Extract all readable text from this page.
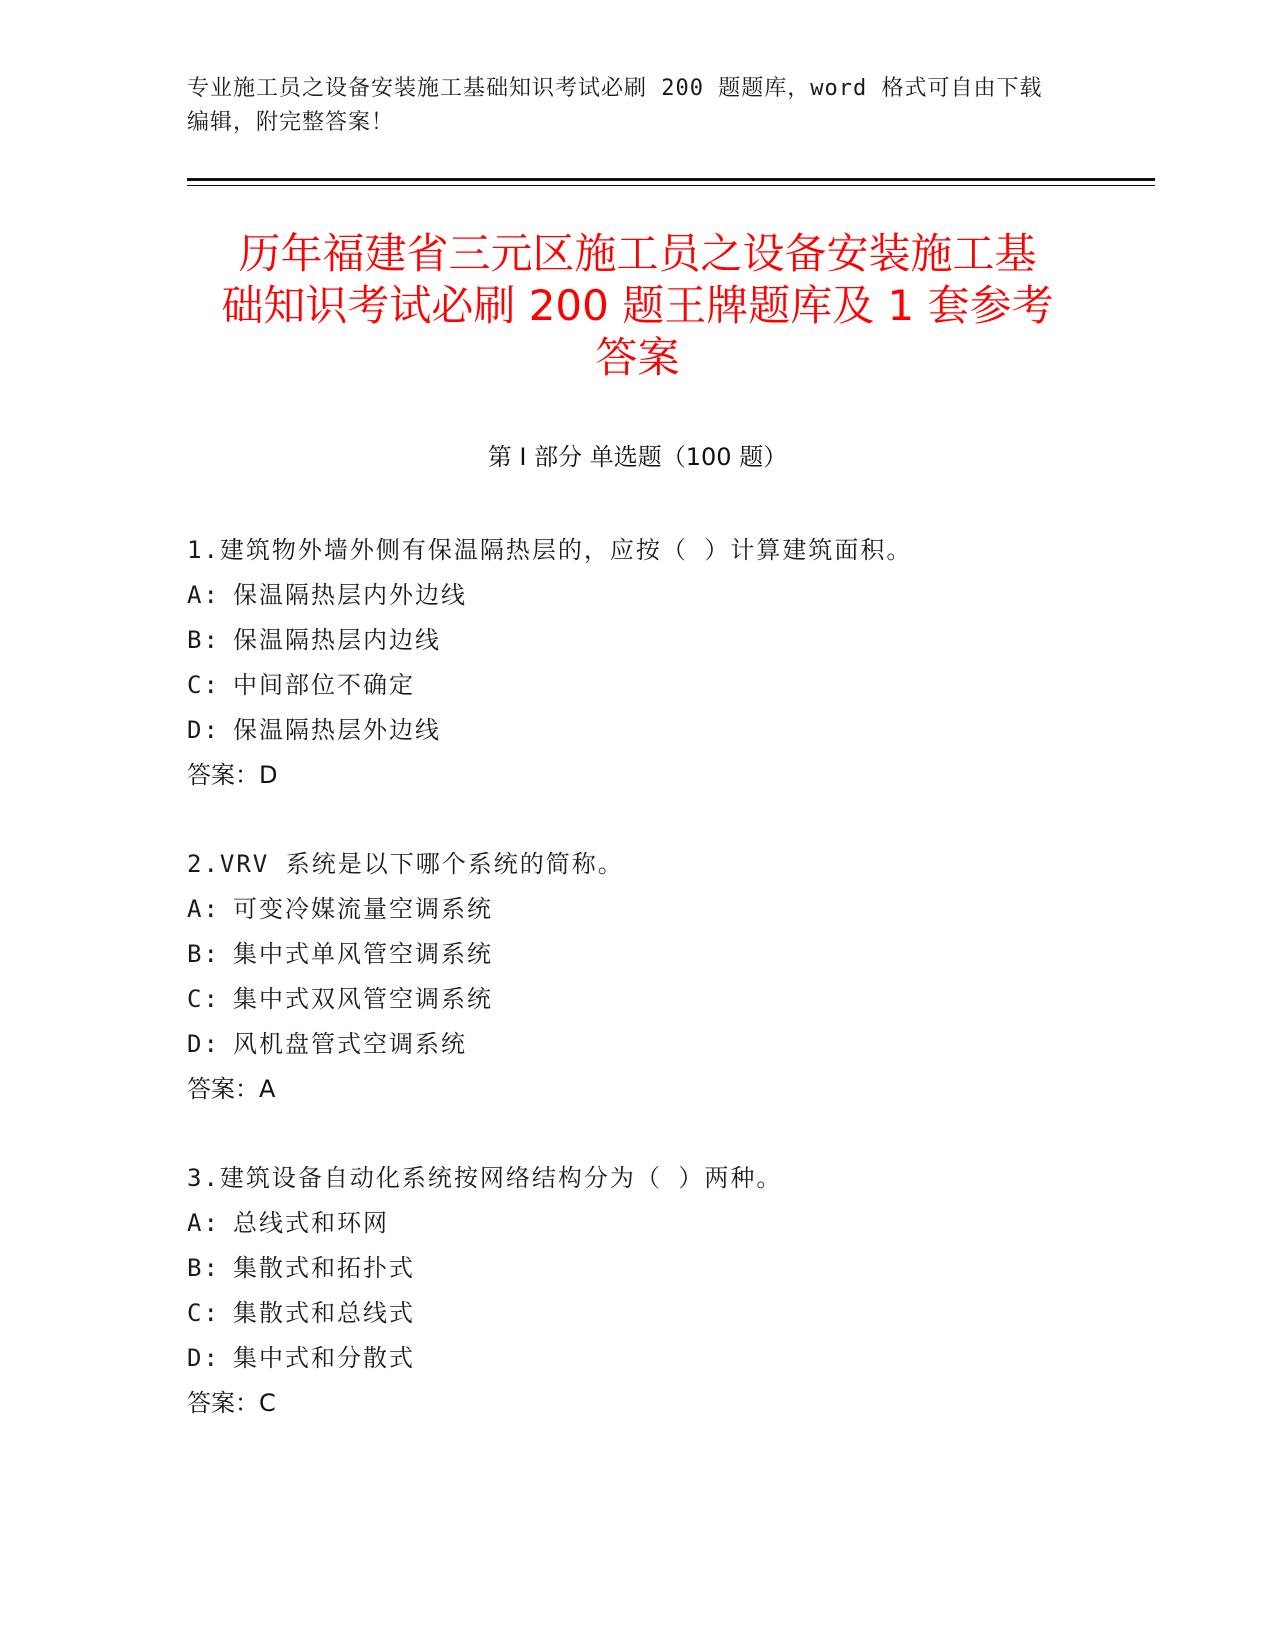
专业施工员之设备安装施工基础知识考试必刷 200 题题库，word 格式可自由下载
编辑，附完整答案！
历年福建省三元区施工员之设备安装施工基
础知识考试必刷 200 题王牌题库及 1 套参考
答案
第 I 部分 单选题（100 题）
1.建筑物外墙外侧有保温隔热层的，应按（ ）计算建筑面积。
A: 保温隔热层内外边线
B: 保温隔热层内边线
C: 中间部位不确定
D: 保温隔热层外边线
答案：D
2.VRV 系统是以下哪个系统的简称。
A: 可变冷媒流量空调系统
B: 集中式单风管空调系统
C: 集中式双风管空调系统
D: 风机盘管式空调系统
答案：A
3.建筑设备自动化系统按网络结构分为（ ）两种。
A: 总线式和环网
B: 集散式和拓扑式
C: 集散式和总线式
D: 集中式和分散式
答案：C
